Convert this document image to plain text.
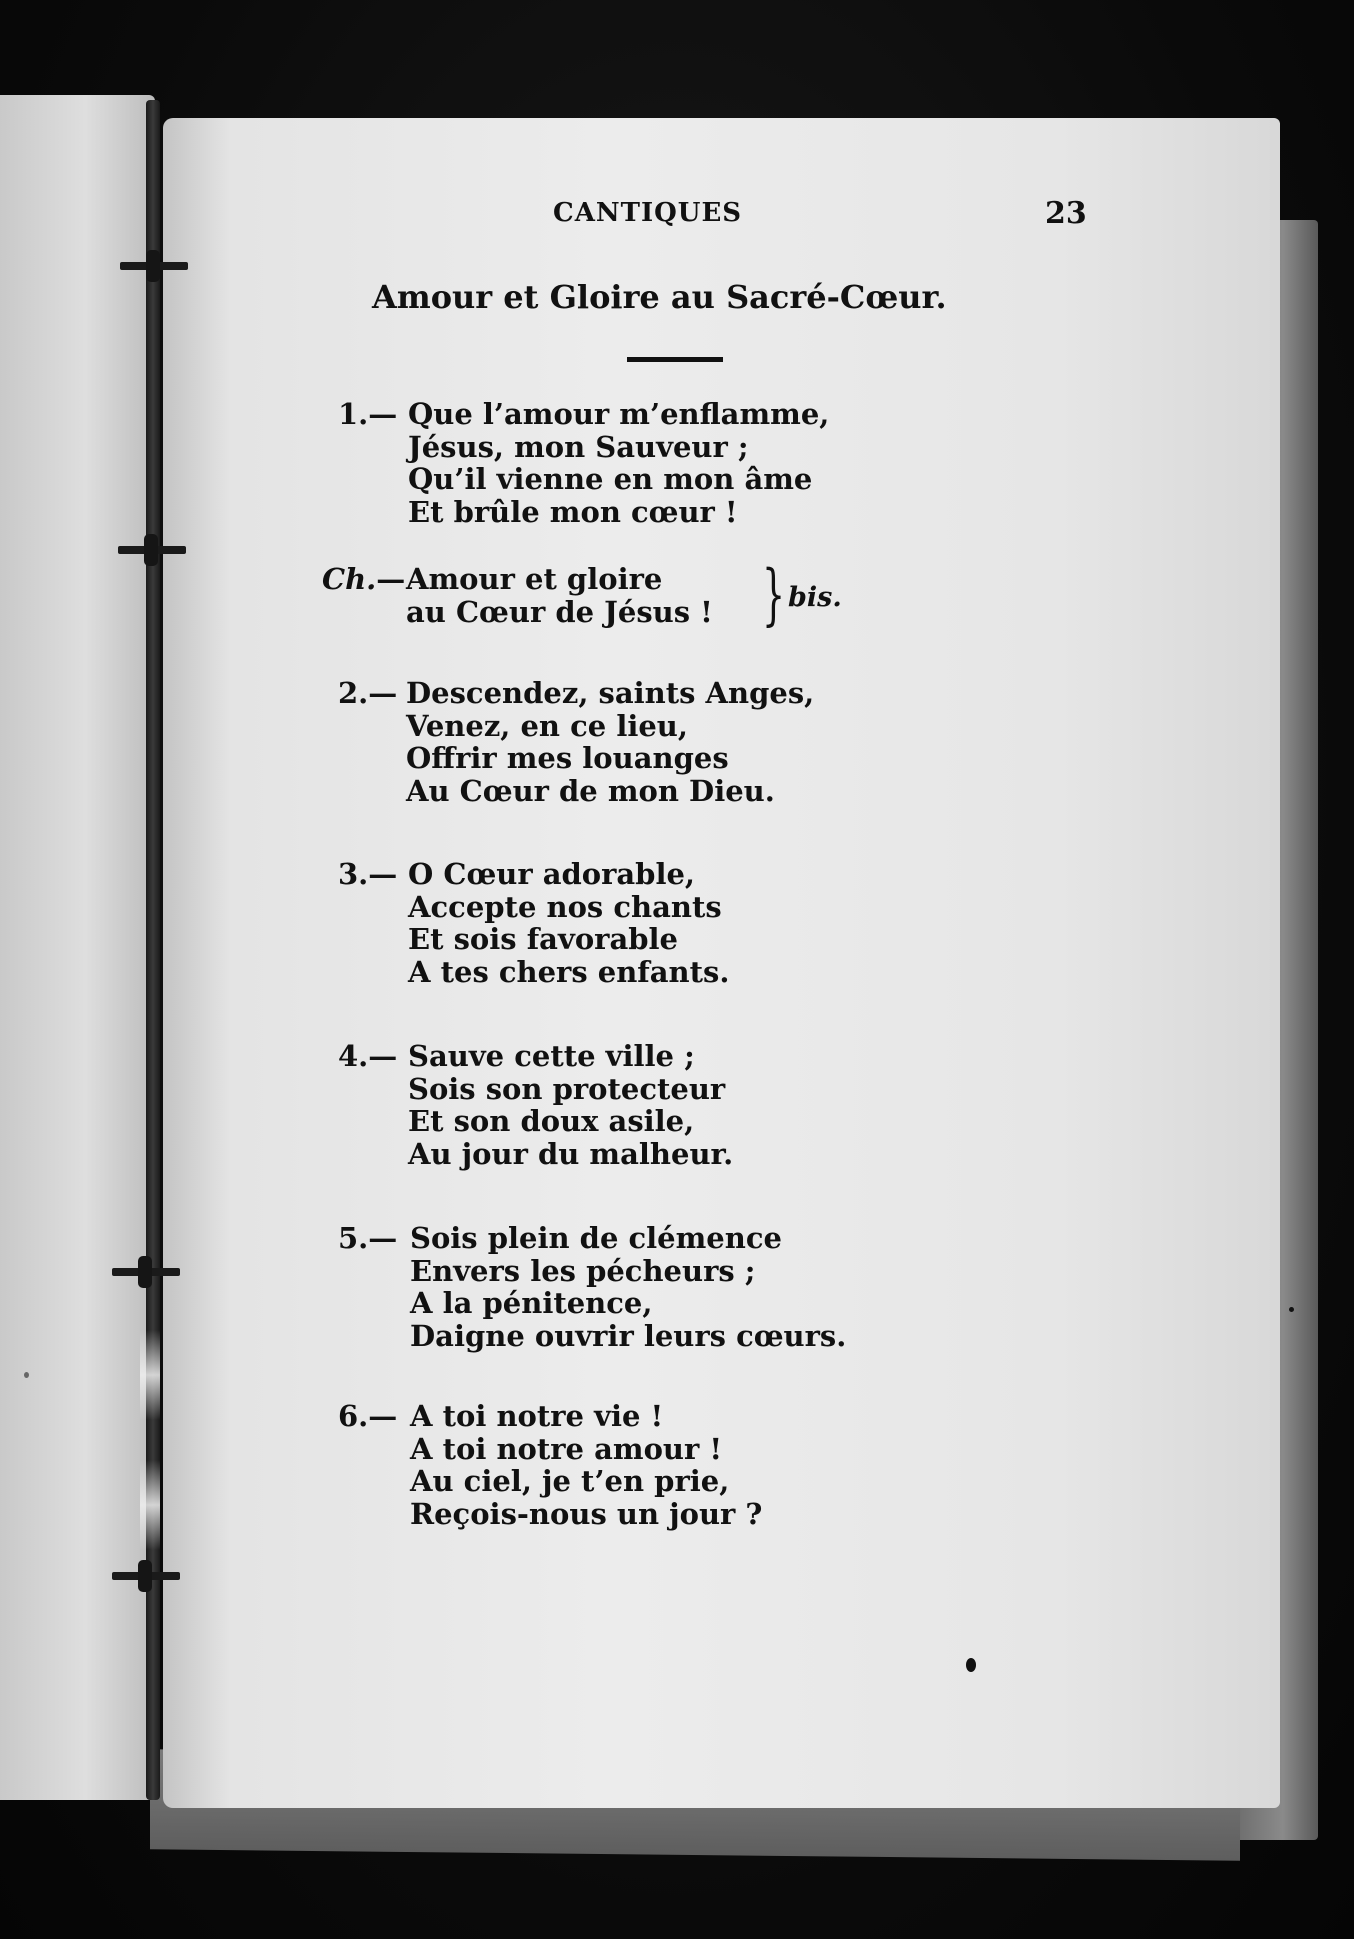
CANTIQUES	23
Amour et Gloire au Sacré-Cœur.
1.— Que l’amour m’enflamme,
Jésus, mon Sauveur ;
Qu’il vienne en mon âme
Et brûle mon cœur !
Ch.— Amour et gloire
au Cœur de Jésus ! } bis.
2.— Descendez, saints Anges,
Venez, en ce lieu,
Offrir mes louanges
Au Cœur de mon Dieu.
3.— O Cœur adorable,
Accepte nos chants
Et sois favorable
A tes chers enfants.
4.— Sauve cette ville ;
Sois son protecteur
Et son doux asile,
Au jour du malheur.
5.— Sois plein de clémence
Envers les pécheurs ;
A la pénitence,
Daigne ouvrir leurs cœurs.
6.— A toi notre vie !
A toi notre amour !
Au ciel, je t’en prie,
Reçois-nous un jour ?
